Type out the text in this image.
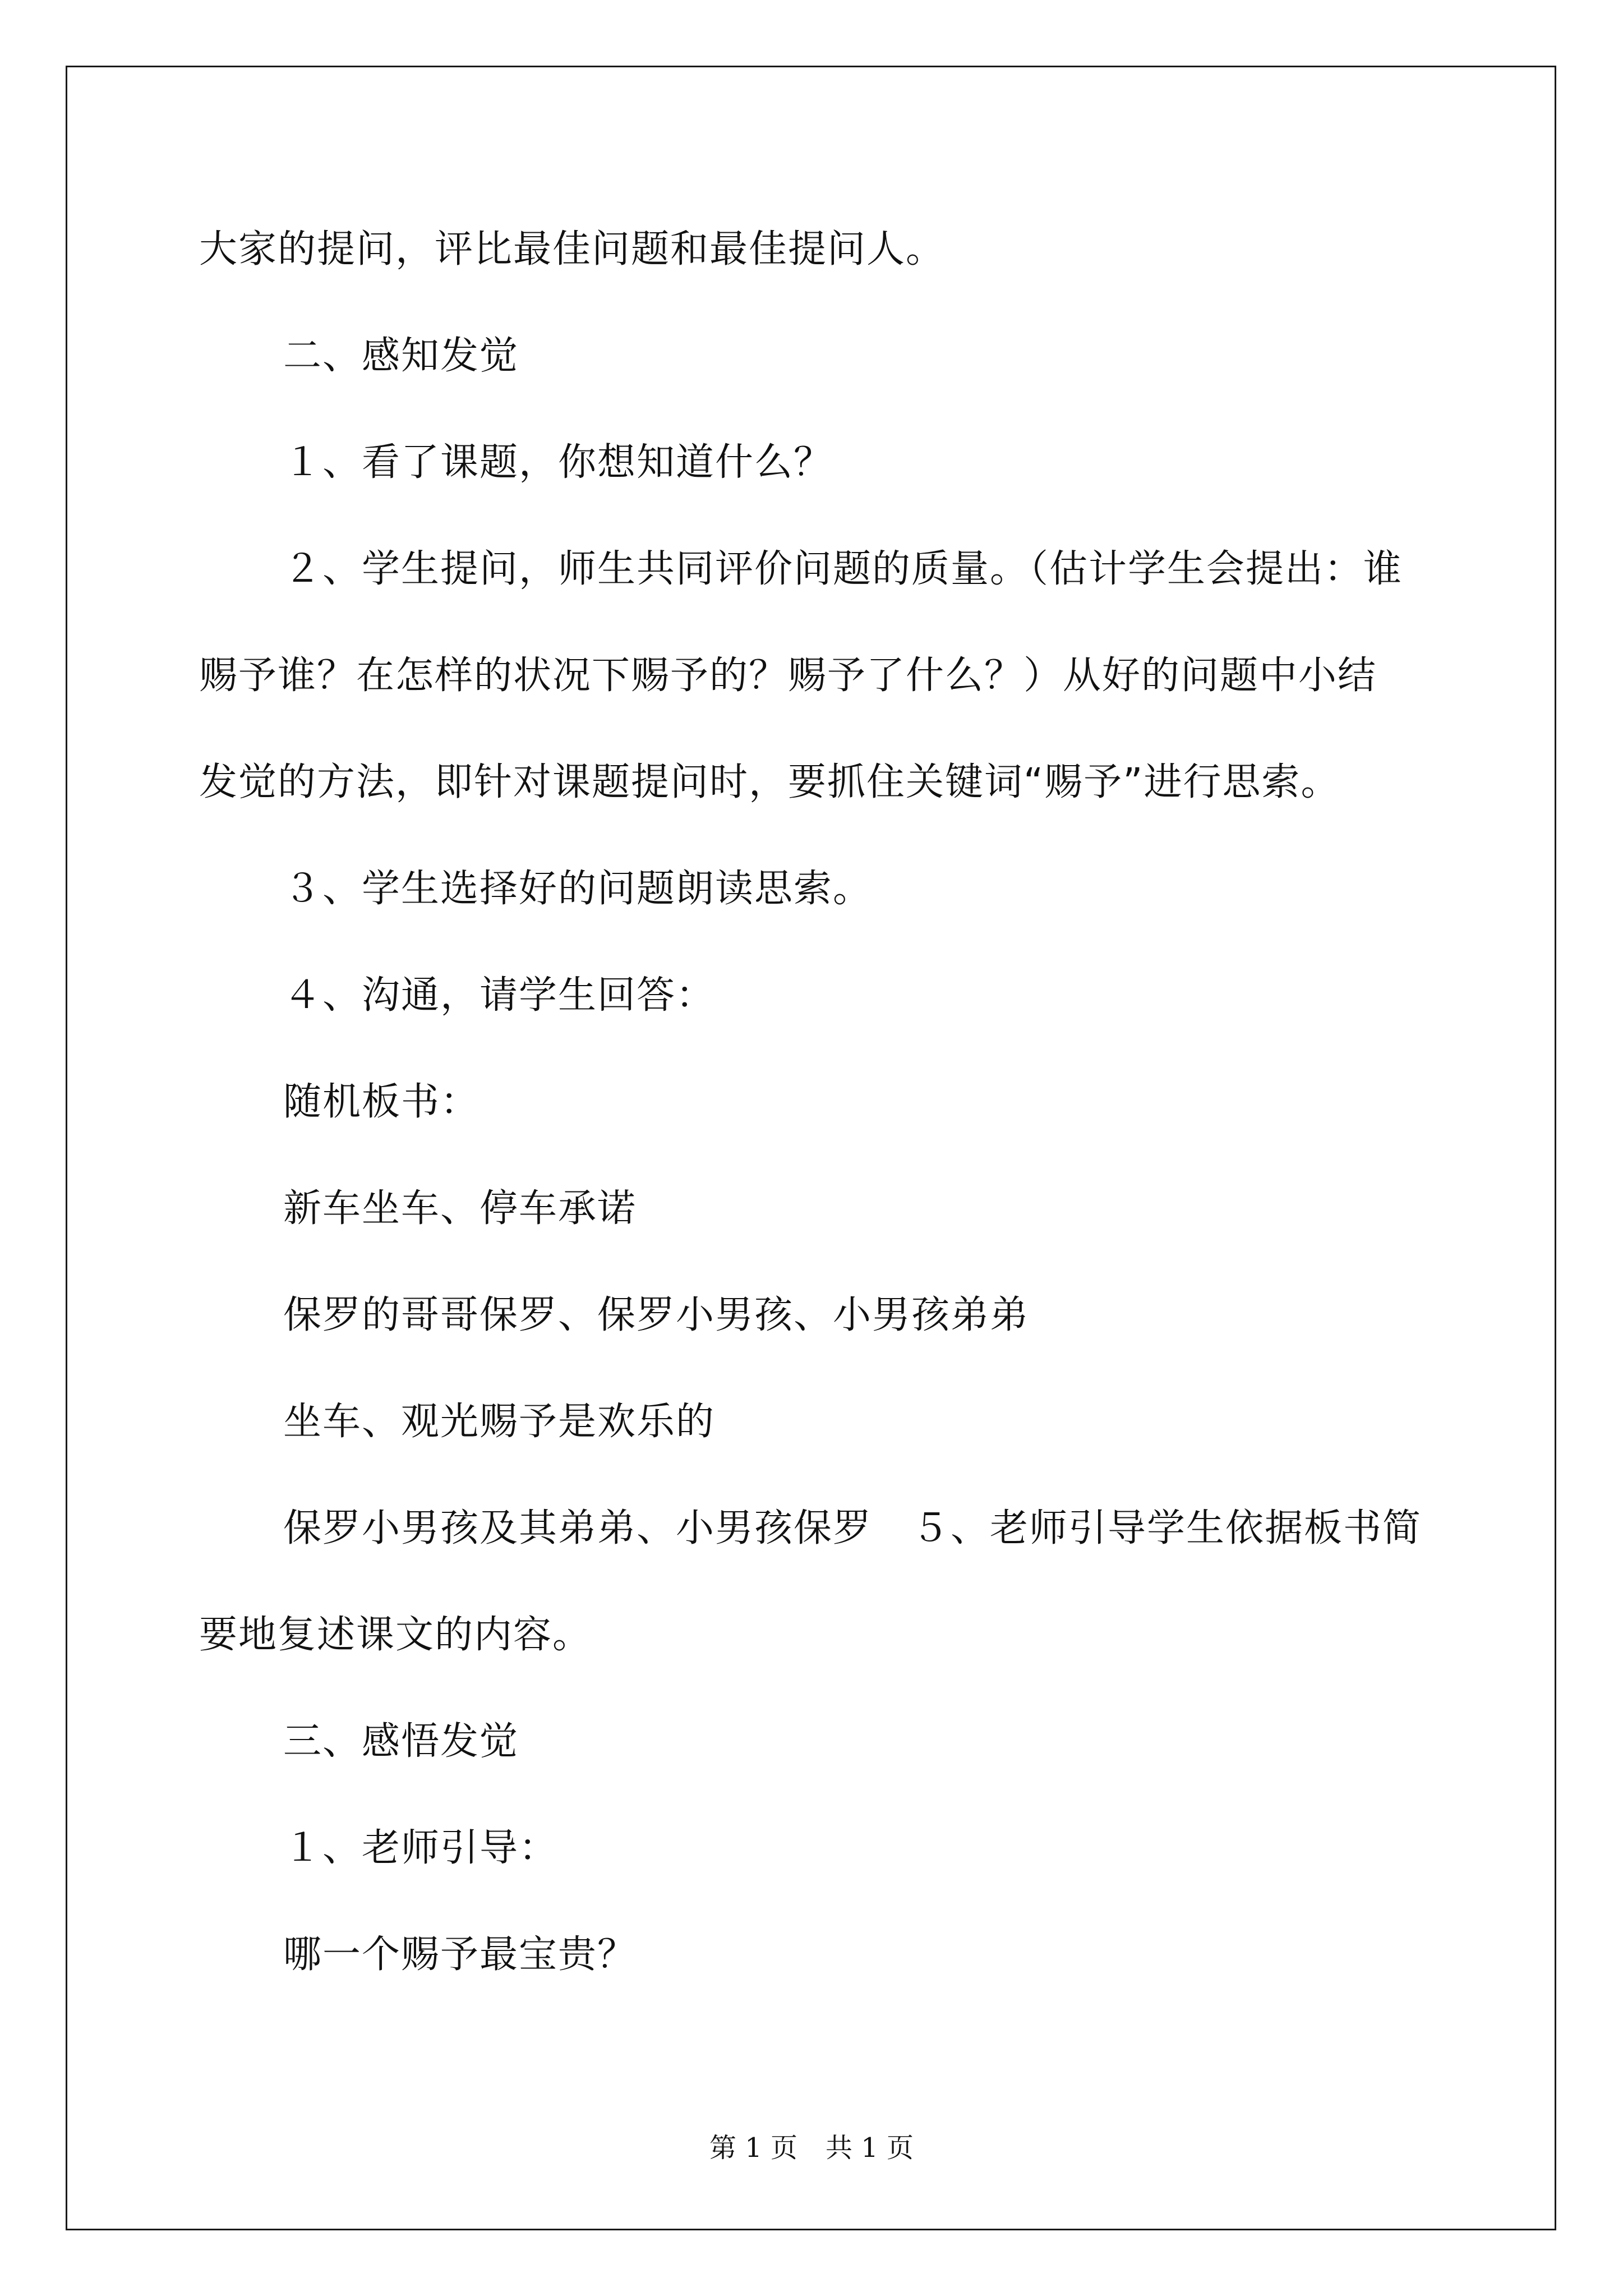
大家的提问，评比最佳问题和最佳提问人。
二、感知发觉
１、看了课题，你想知道什么？
２、学生提问，师生共同评价问题的质量。（估计学生会提出：谁
赐予谁？在怎样的状况下赐予的？赐予了什么？）从好的问题中小结
发觉的方法，即针对课题提问时，要抓住关键词“赐予”进行思索。
３、学生选择好的问题朗读思索。
４、沟通，请学生回答：
随机板书：
新车坐车、停车承诺
保罗的哥哥保罗、保罗小男孩、小男孩弟弟
坐车、观光赐予是欢乐的
保罗小男孩及其弟弟、小男孩保罗　５、老师引导学生依据板书简
要地复述课文的内容。
三、感悟发觉
１、老师引导：
哪一个赐予最宝贵？
第 1 页 共 1 页
